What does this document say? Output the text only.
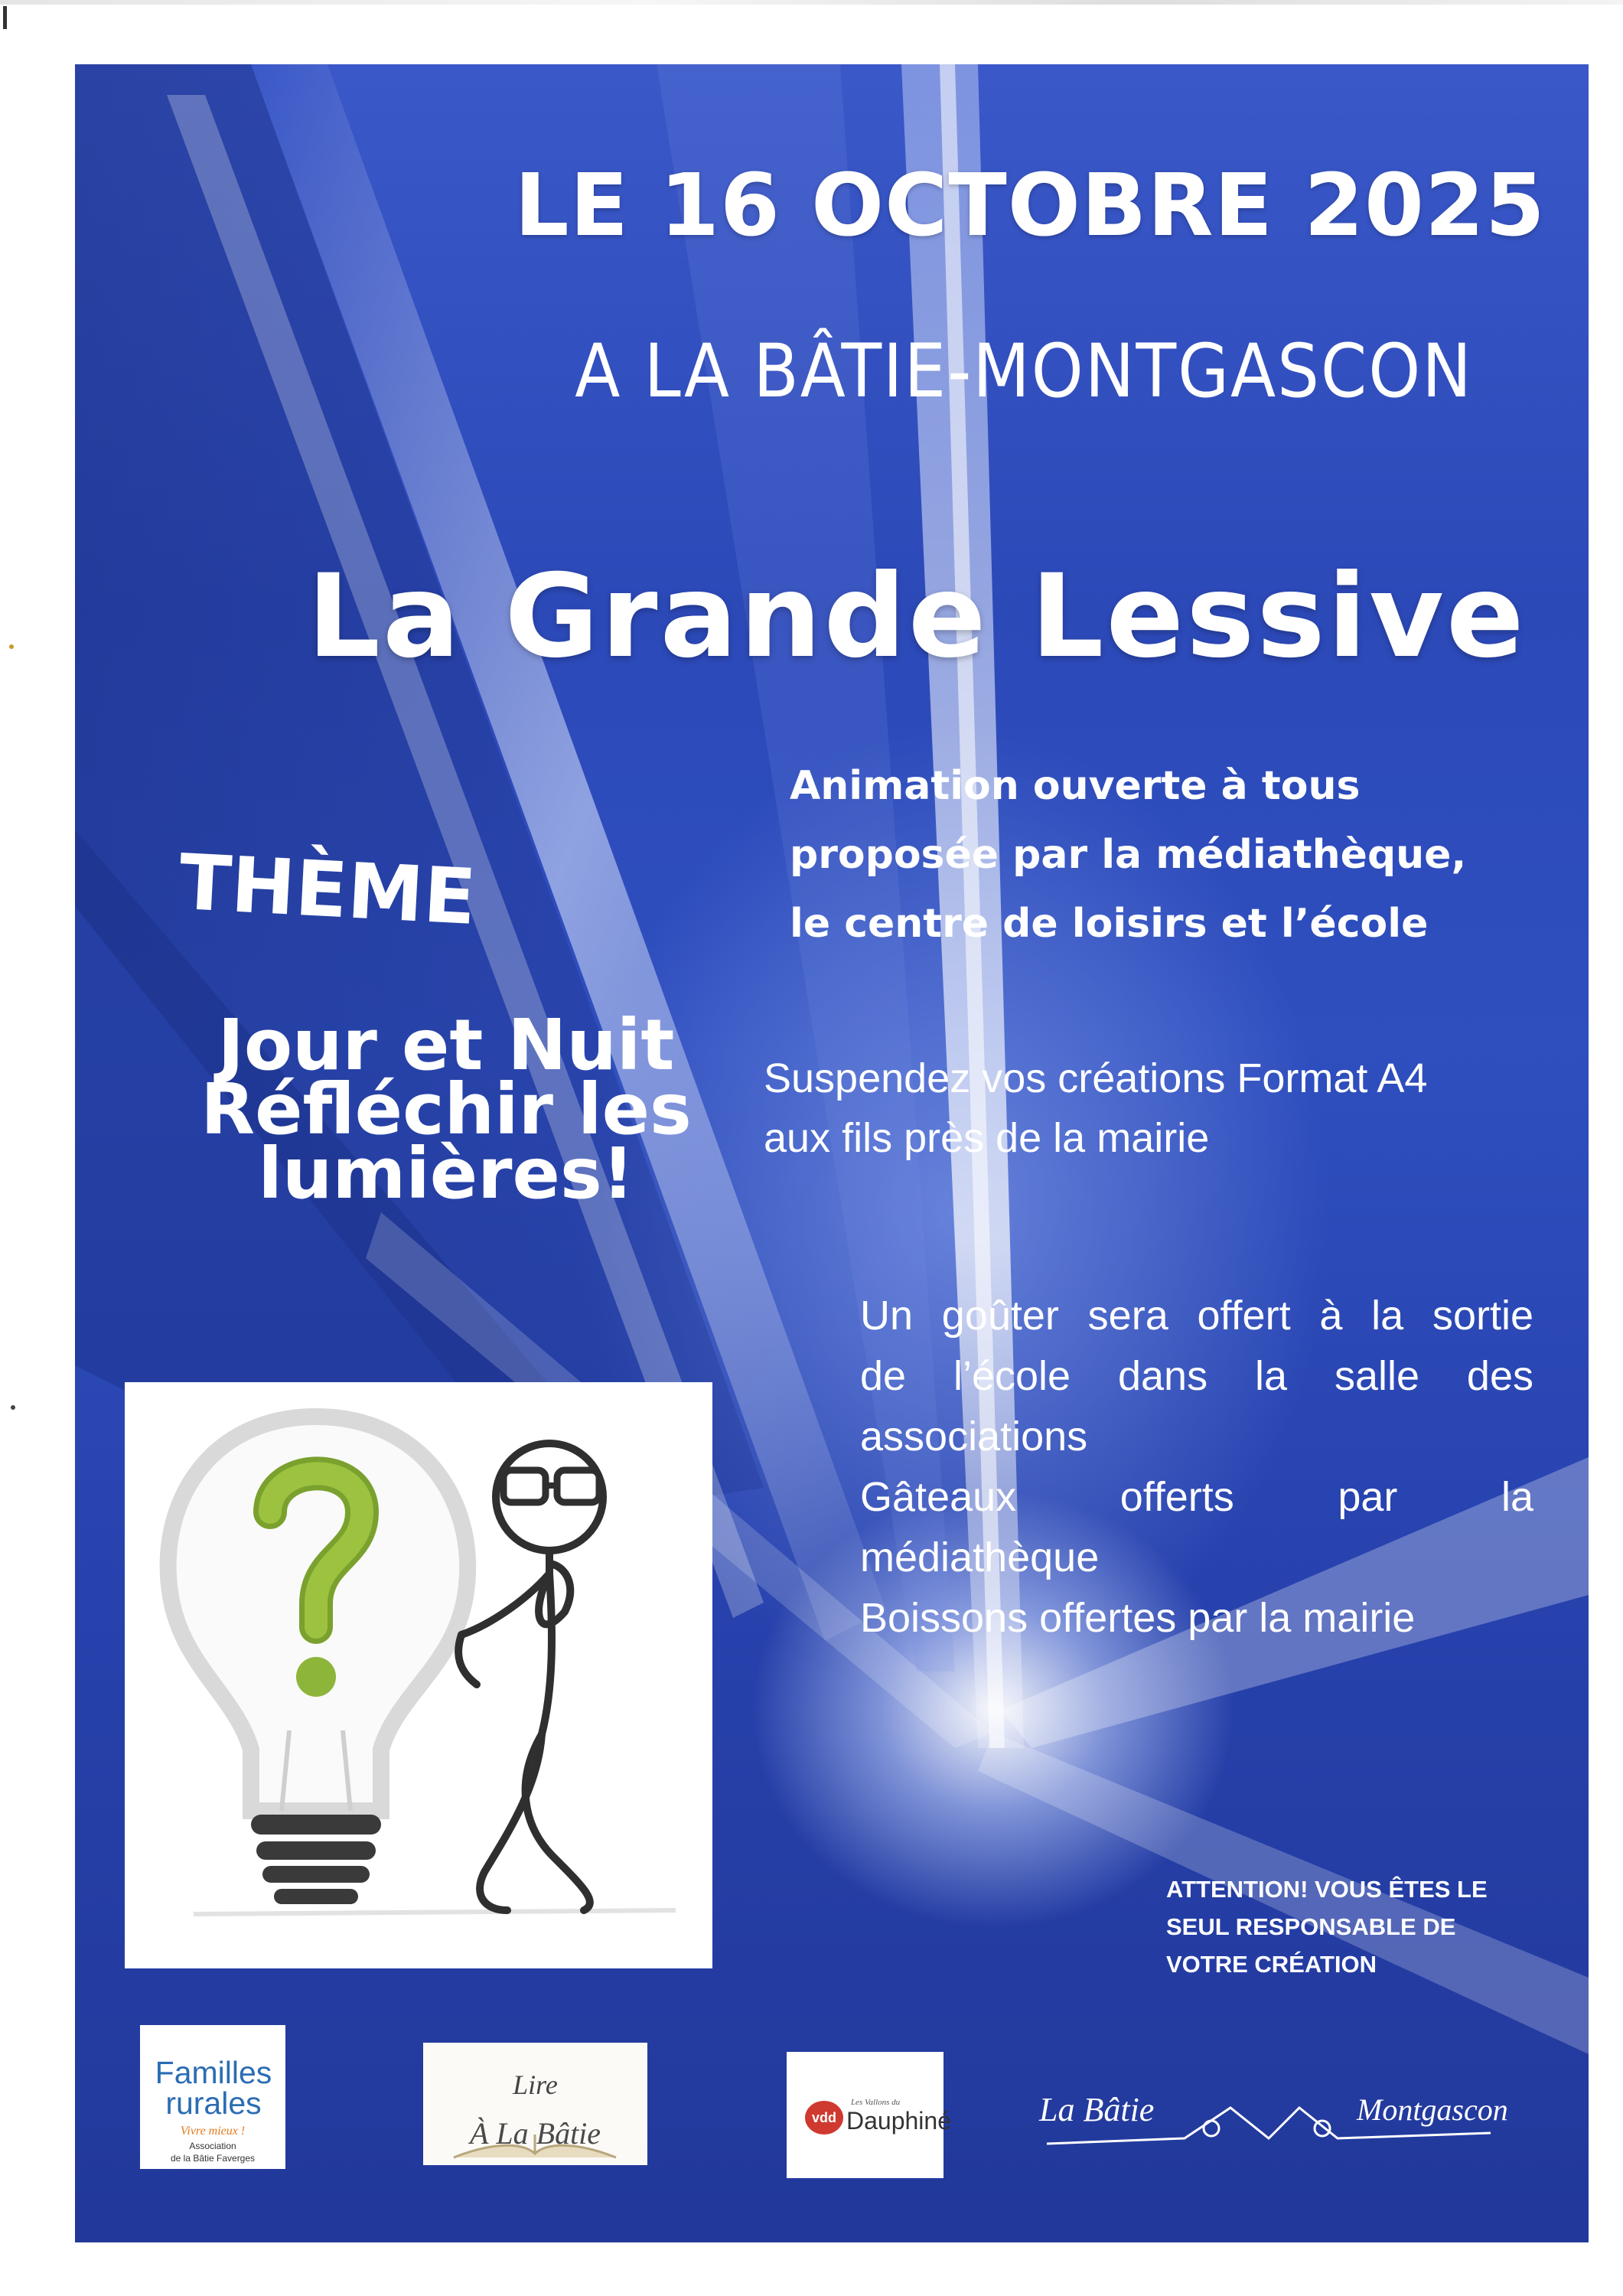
LE 16 OCTOBRE 2025
A LA BÂTIE-MONTGASCON
La Grande Lessive
THÈME
Jour et Nuit
Réfléchir les
lumières!
Animation ouverte à tous
proposée par la médiathèque,
le centre de loisirs et l’école
Suspendez vos créations Format A4
aux fils près de la mairie
Un goûter sera offert à la sortie
de l’école dans la salle des
associations
Gâteaux offerts par la
médiathèque
Boissons offertes par la mairie
ATTENTION! VOUS ÊTES LE
SEUL RESPONSABLE DE
VOTRE CRÉATION
Familles
rurales
Vivre mieux !
Association
de la Bâtie Faverges
Lire
À La Bâtie	vdd
Les Vallons du
Dauphiné	La Bâtie	Montgascon
